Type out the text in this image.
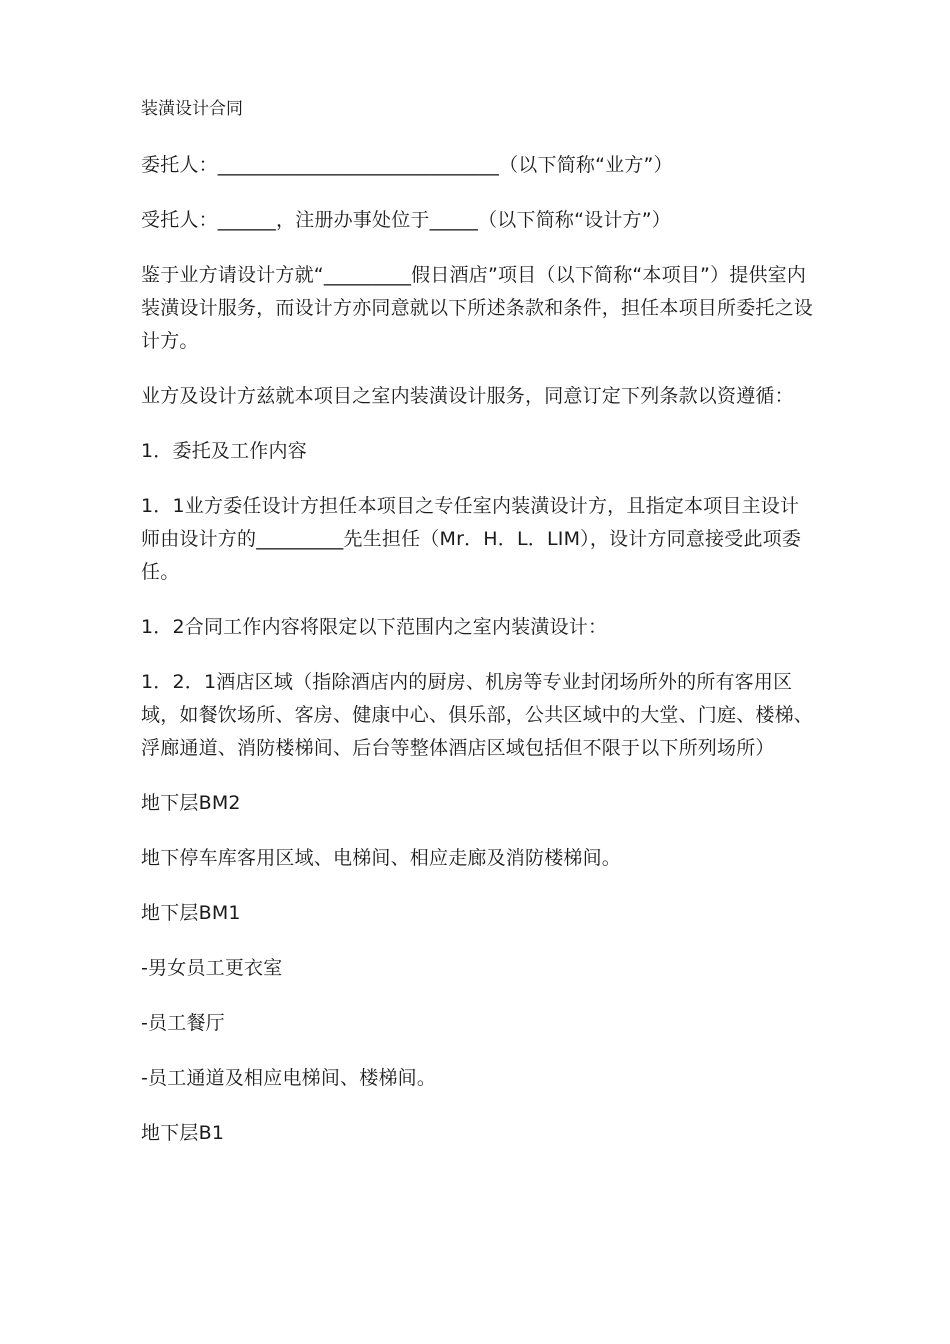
装潢设计合同

委托人：_____________________________（以下简称“业方”）

受托人：______，注册办事处位于_____（以下简称“设计方”）

鉴于业方请设计方就“_________假日酒店”项目（以下简称“本项目”）提供室内装潢设计服务，而设计方亦同意就以下所述条款和条件，担任本项目所委托之设计方。

业方及设计方兹就本项目之室内装潢设计服务，同意订定下列条款以资遵循：

1．委托及工作内容

1．1业方委任设计方担任本项目之专任室内装潢设计方，且指定本项目主设计师由设计方的_________先生担任（Mr．H．L．LIM），设计方同意接受此项委任。

1．2合同工作内容将限定以下范围内之室内装潢设计：

1．2．1酒店区域（指除酒店内的厨房、机房等专业封闭场所外的所有客用区域，如餐饮场所、客房、健康中心、俱乐部，公共区域中的大堂、门庭、楼梯、浮廊通道、消防楼梯间、后台等整体酒店区域包括但不限于以下所列场所）

地下层BM2

地下停车库客用区域、电梯间、相应走廊及消防楼梯间。

地下层BM1

-男女员工更衣室

-员工餐厅

-员工通道及相应电梯间、楼梯间。

地下层B1
